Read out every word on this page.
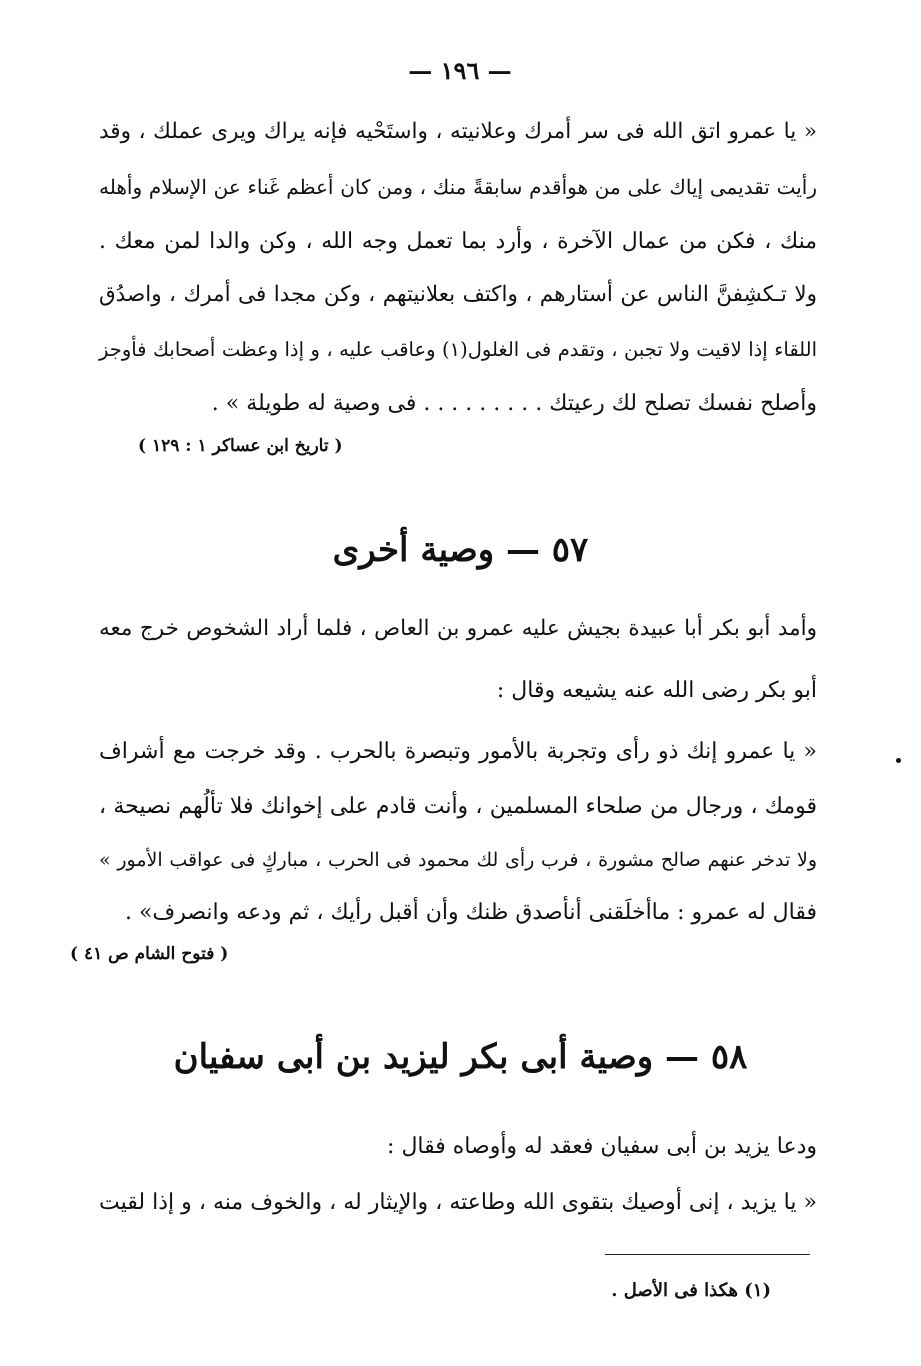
— ١٩٦ —
« يا عمرو اتق الله فى سر أمرك وعلانيته ، واستَحْيه فإنه يراك ويرى عملك ، وقد
رأيت تقديمى إياك على من هوأقدم سابقةً منك ، ومن كان أعظم غَناء عن الإسلام وأهله
منك ، فكن من عمال الآخرة ، وأرد بما تعمل وجه الله ، وكن والدا لمن معك .
ولا تـكشِفنَّ الناس عن أستارهم ، واكتف بعلانيتهم ، وكن مجدا فى أمرك ، واصدُق
اللقاء إذا لاقيت ولا تجبن ، وتقدم فى الغلول(١) وعاقب عليه ، و إذا وعظت أصحابك فأوجز
وأصلح نفسك تصلح لك رعيتك . . . . . . . . . فى وصية له طويلة » .
( تاريخ ابن عساكر ١ : ١٢٩ )
٥٧ — وصية أخرى
وأمد أبو بكر أبا عبيدة بجيش عليه عمرو بن العاص ، فلما أراد الشخوص خرج معه
أبو بكر رضى الله عنه يشيعه وقال :
« يا عمرو إنك ذو رأى وتجربة بالأمور وتبصرة بالحرب . وقد خرجت مع أشراف
قومك ، ورجال من صلحاء المسلمين ، وأنت قادم على إخوانك فلا تألُهم نصيحة ،
ولا تدخر عنهم صالح مشورة ، فرب رأى لك محمود فى الحرب ، مباركٍ فى عواقب الأمور »
فقال له عمرو : ماأخلَقنى أنأصدق ظنك وأن أقبل رأيك ، ثم ودعه وانصرف» .
( فتوح الشام ص ٤١ )
٥٨ — وصية أبى بكر ليزيد بن أبى سفيان
ودعا يزيد بن أبى سفيان فعقد له وأوصاه فقال :
« يا يزيد ، إنى أوصيك بتقوى الله وطاعته ، والإيثار له ، والخوف منه ، و إذا لقيت
(١) هكذا فى الأصل .
